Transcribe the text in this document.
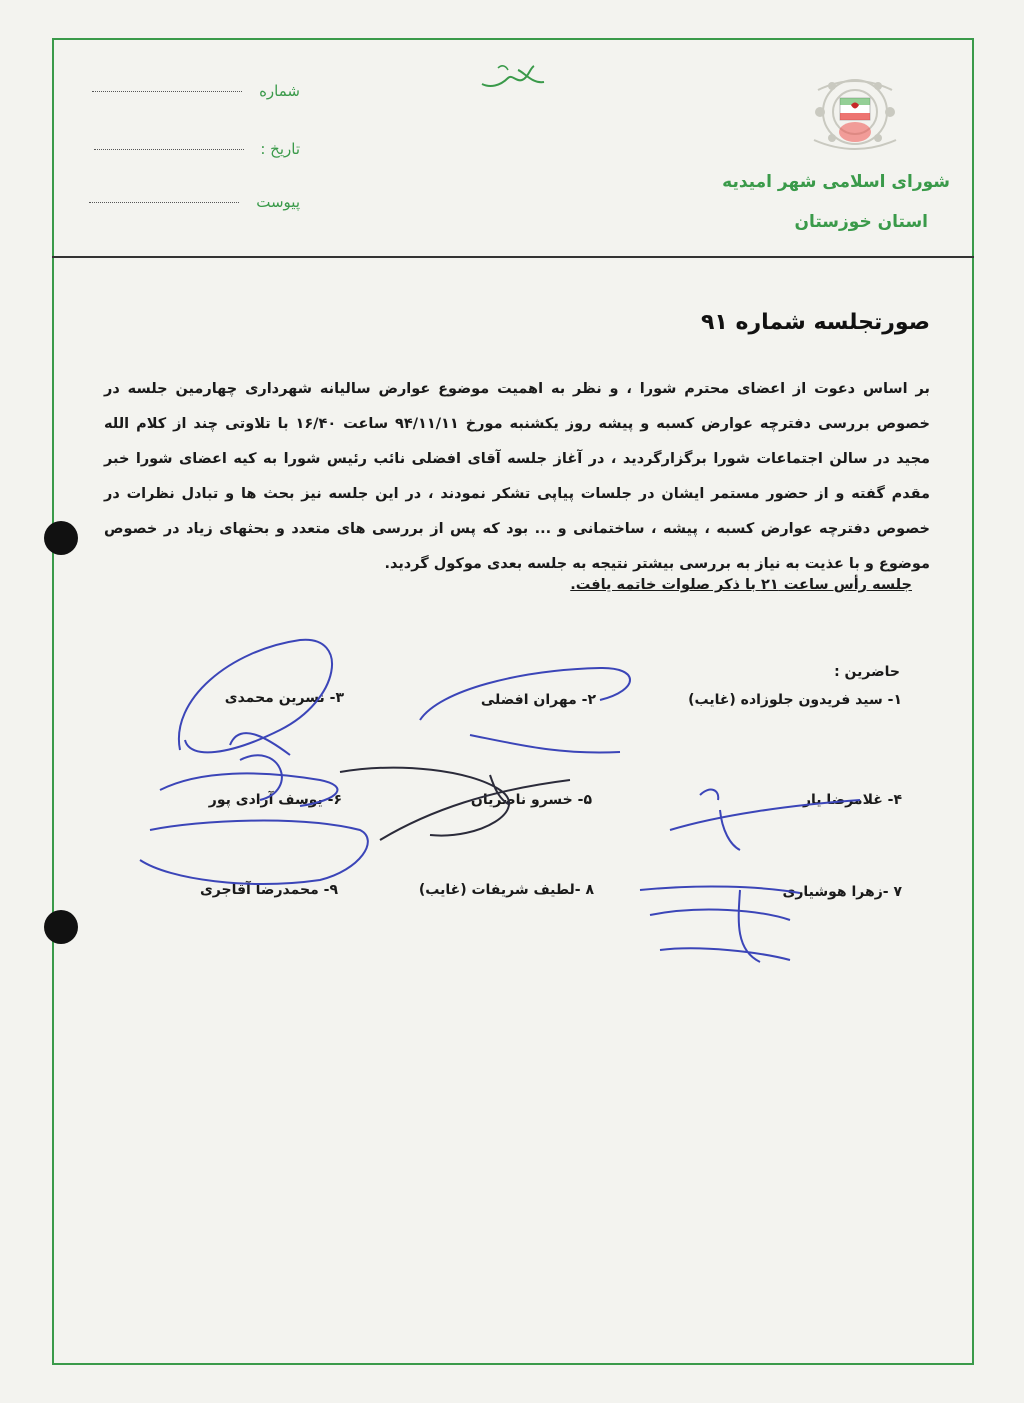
شماره
تاریخ :
پیوست
شورای اسلامی شهر امیدیه
استان خوزستان
صورتجلسه شماره ۹۱

بر اساس دعوت از اعضای محترم شورا ، و نظر به اهمیت موضوع عوارض سالیانه شهرداری چهارمین جلسه در خصوص بررسی دفترچه عوارض کسبه و پیشه روز یکشنبه مورخ ۹۴/۱۱/۱۱ ساعت ۱۶/۴۰ با تلاوتی چند از کلام الله مجید در سالن اجتماعات شورا برگزارگردید ، در آغاز جلسه آقای افضلی نائب رئیس شورا به کیه اعضای شورا خبر مقدم گفته و از حضور مستمر ایشان در جلسات پیاپی تشکر نمودند ، در این جلسه نیز بحث ها و تبادل نظرات در خصوص دفترچه عوارض کسبه ، پیشه ، ساختمانی و ... بود که پس از بررسی های متعدد و بحثهای زیاد در خصوص موضوع و با عذیت به نیاز به بررسی بیشتر نتیجه به جلسه بعدی موکول گردید.

جلسه رأس ساعت ۲۱ با ذکر صلوات خاتمه یافت.
حاضرین :
۱- سید فریدون جلوزاده (غایب)
۲- مهران افضلی
۳- نسرین محمدی
۴- غلامرضا یار
۵- خسرو ناصریان
۶- یوسف آزادی پور
۷ -زهرا هوشیاری
۸ -لطیف شریفات (غایب)
۹- محمدرضا آقاجری
